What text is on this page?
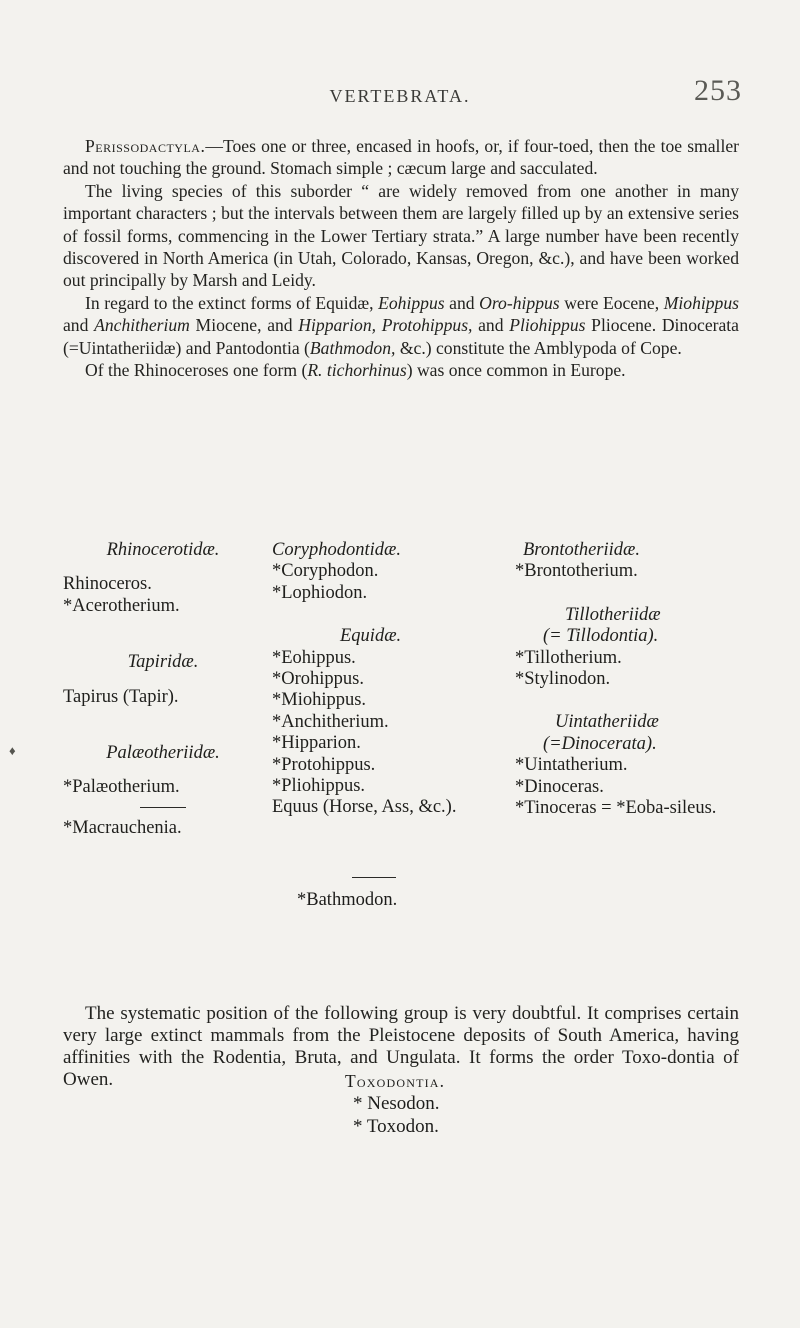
VERTEBRATA.	253

Perissodactyla.—Toes one or three, encased in hoofs, or, if four-toed, then the toe smaller and not touching the ground. Stomach simple ; cæcum large and sacculated.

The living species of this suborder “ are widely removed from one another in many important characters ; but the intervals between them are largely filled up by an extensive series of fossil forms, commencing in the Lower Tertiary strata.” A large number have been recently discovered in North America (in Utah, Colorado, Kansas, Oregon, &c.), and have been worked out principally by Marsh and Leidy.

In regard to the extinct forms of Equidæ, Eohippus and Oro-hippus were Eocene, Miohippus and Anchitherium Miocene, and Hipparion, Protohippus, and Pliohippus Pliocene. Dinocerata (=Uintatheriidæ) and Pantodontia (Bathmodon, &c.) constitute the Amblypoda of Cope.

Of the Rhinoceroses one form (R. tichorhinus) was once common in Europe.

Rhinocerotidæ.
Rhinoceros.
*Acerotherium.
Tapiridæ.
Tapirus (Tapir).
Palæotheriidæ.
*Palæotherium.
*Macrauchenia.
Coryphodontidæ.
*Coryphodon.
*Lophiodon.
Equidæ.
*Eohippus.
*Orohippus.
*Miohippus.
*Anchitherium.
*Hipparion.
*Protohippus.
*Pliohippus.
Equus (Horse, Ass, &c.).
Brontotheriidæ.
*Brontotherium.
Tillotheriidæ
(= Tillodontia).
*Tillotherium.
*Stylinodon.
Uintatheriidæ
(=Dinocerata).
*Uintatherium.
*Dinoceras.
*Tinoceras = *Eoba-sileus.
*Bathmodon.

The systematic position of the following group is very doubtful. It comprises certain very large extinct mammals from the Pleistocene deposits of South America, having affinities with the Rodentia, Bruta, and Ungulata. It forms the order Toxo-dontia of Owen.	Toxodontia.
* Nesodon.
* Toxodon.
♦
